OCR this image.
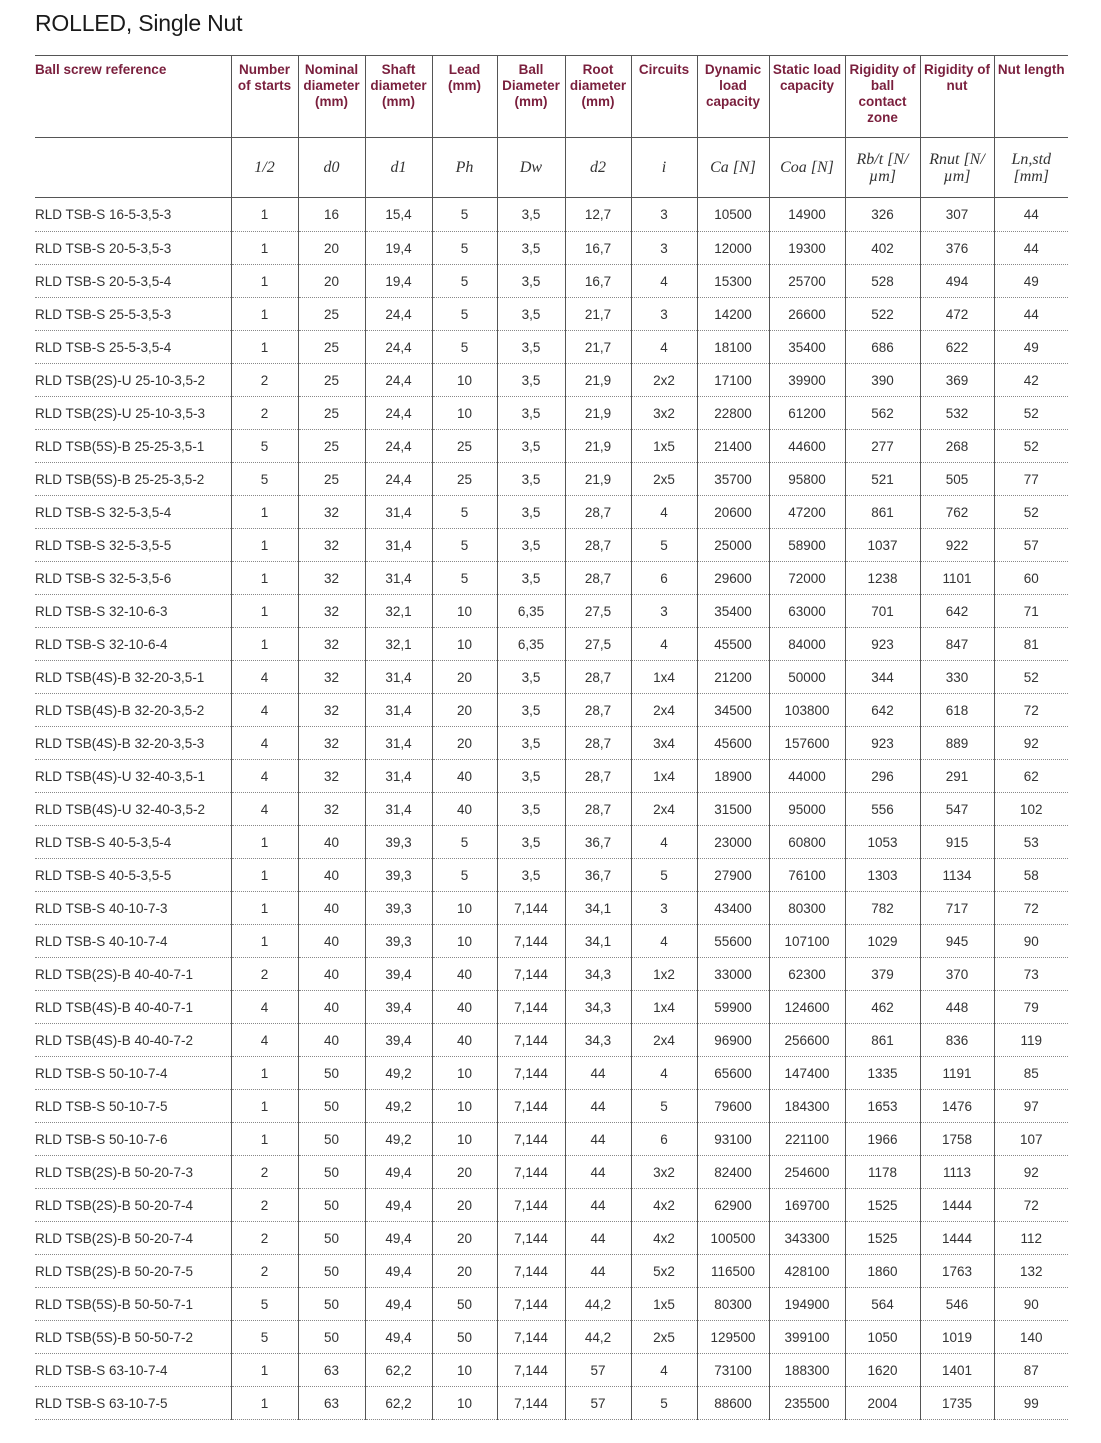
ROLLED, Single Nut
Ball screw reference	Number of starts	Nominal diameter (mm)	Shaft diameter (mm)	Lead (mm)	Ball Diameter (mm)	Root diameter (mm)	Circuits	Dynamic load capacity	Static load capacity	Rigidity of ball contact zone	Rigidity of nut	Nut length
	1/2	d0	d1	Ph	Dw	d2	i	Ca [N]	Coa [N]	Rb/t [N/µm]	Rnut [N/µm]	Ln,std [mm]
RLD TSB-S 16-5-3,5-3	1	16	15,4	5	3,5	12,7	3	10500	14900	326	307	44
RLD TSB-S 20-5-3,5-3	1	20	19,4	5	3,5	16,7	3	12000	19300	402	376	44
RLD TSB-S 20-5-3,5-4	1	20	19,4	5	3,5	16,7	4	15300	25700	528	494	49
RLD TSB-S 25-5-3,5-3	1	25	24,4	5	3,5	21,7	3	14200	26600	522	472	44
RLD TSB-S 25-5-3,5-4	1	25	24,4	5	3,5	21,7	4	18100	35400	686	622	49
RLD TSB(2S)-U 25-10-3,5-2	2	25	24,4	10	3,5	21,9	2x2	17100	39900	390	369	42
RLD TSB(2S)-U 25-10-3,5-3	2	25	24,4	10	3,5	21,9	3x2	22800	61200	562	532	52
RLD TSB(5S)-B 25-25-3,5-1	5	25	24,4	25	3,5	21,9	1x5	21400	44600	277	268	52
RLD TSB(5S)-B 25-25-3,5-2	5	25	24,4	25	3,5	21,9	2x5	35700	95800	521	505	77
RLD TSB-S 32-5-3,5-4	1	32	31,4	5	3,5	28,7	4	20600	47200	861	762	52
RLD TSB-S 32-5-3,5-5	1	32	31,4	5	3,5	28,7	5	25000	58900	1037	922	57
RLD TSB-S 32-5-3,5-6	1	32	31,4	5	3,5	28,7	6	29600	72000	1238	1101	60
RLD TSB-S 32-10-6-3	1	32	32,1	10	6,35	27,5	3	35400	63000	701	642	71
RLD TSB-S 32-10-6-4	1	32	32,1	10	6,35	27,5	4	45500	84000	923	847	81
RLD TSB(4S)-B 32-20-3,5-1	4	32	31,4	20	3,5	28,7	1x4	21200	50000	344	330	52
RLD TSB(4S)-B 32-20-3,5-2	4	32	31,4	20	3,5	28,7	2x4	34500	103800	642	618	72
RLD TSB(4S)-B 32-20-3,5-3	4	32	31,4	20	3,5	28,7	3x4	45600	157600	923	889	92
RLD TSB(4S)-U 32-40-3,5-1	4	32	31,4	40	3,5	28,7	1x4	18900	44000	296	291	62
RLD TSB(4S)-U 32-40-3,5-2	4	32	31,4	40	3,5	28,7	2x4	31500	95000	556	547	102
RLD TSB-S 40-5-3,5-4	1	40	39,3	5	3,5	36,7	4	23000	60800	1053	915	53
RLD TSB-S 40-5-3,5-5	1	40	39,3	5	3,5	36,7	5	27900	76100	1303	1134	58
RLD TSB-S 40-10-7-3	1	40	39,3	10	7,144	34,1	3	43400	80300	782	717	72
RLD TSB-S 40-10-7-4	1	40	39,3	10	7,144	34,1	4	55600	107100	1029	945	90
RLD TSB(2S)-B 40-40-7-1	2	40	39,4	40	7,144	34,3	1x2	33000	62300	379	370	73
RLD TSB(4S)-B 40-40-7-1	4	40	39,4	40	7,144	34,3	1x4	59900	124600	462	448	79
RLD TSB(4S)-B 40-40-7-2	4	40	39,4	40	7,144	34,3	2x4	96900	256600	861	836	119
RLD TSB-S 50-10-7-4	1	50	49,2	10	7,144	44	4	65600	147400	1335	1191	85
RLD TSB-S 50-10-7-5	1	50	49,2	10	7,144	44	5	79600	184300	1653	1476	97
RLD TSB-S 50-10-7-6	1	50	49,2	10	7,144	44	6	93100	221100	1966	1758	107
RLD TSB(2S)-B 50-20-7-3	2	50	49,4	20	7,144	44	3x2	82400	254600	1178	1113	92
RLD TSB(2S)-B 50-20-7-4	2	50	49,4	20	7,144	44	4x2	62900	169700	1525	1444	72
RLD TSB(2S)-B 50-20-7-4	2	50	49,4	20	7,144	44	4x2	100500	343300	1525	1444	112
RLD TSB(2S)-B 50-20-7-5	2	50	49,4	20	7,144	44	5x2	116500	428100	1860	1763	132
RLD TSB(5S)-B 50-50-7-1	5	50	49,4	50	7,144	44,2	1x5	80300	194900	564	546	90
RLD TSB(5S)-B 50-50-7-2	5	50	49,4	50	7,144	44,2	2x5	129500	399100	1050	1019	140
RLD TSB-S 63-10-7-4	1	63	62,2	10	7,144	57	4	73100	188300	1620	1401	87
RLD TSB-S 63-10-7-5	1	63	62,2	10	7,144	57	5	88600	235500	2004	1735	99
